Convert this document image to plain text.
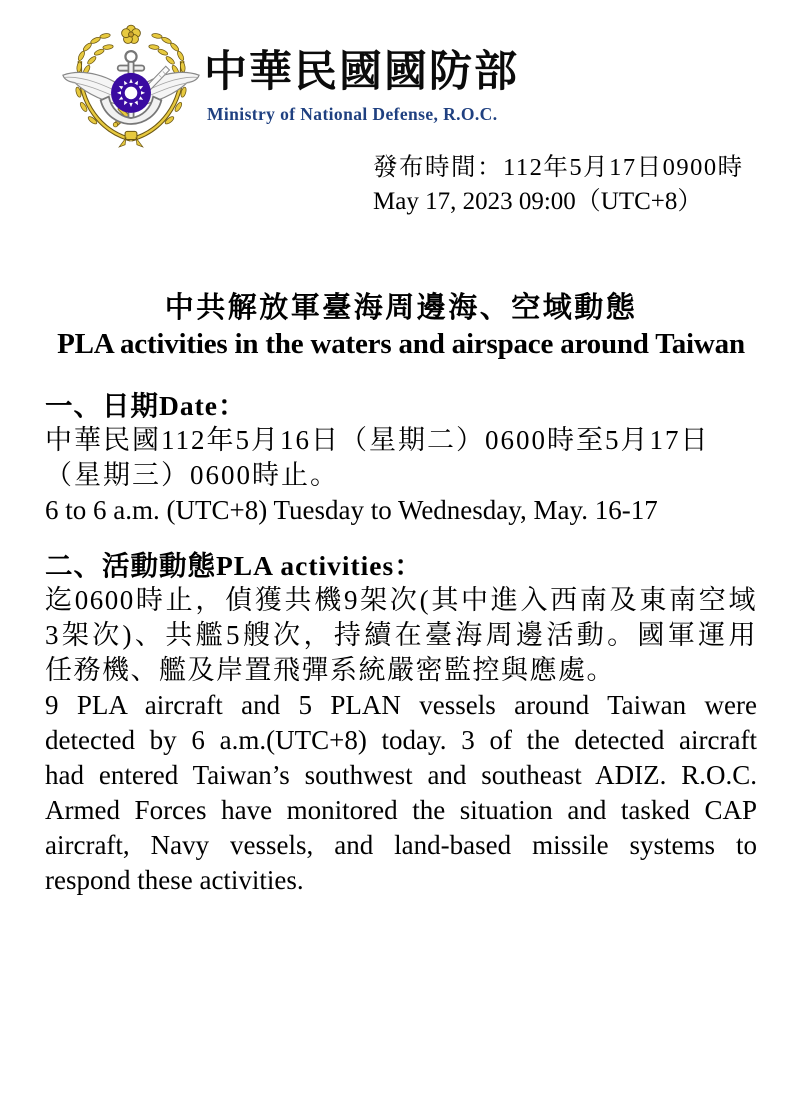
中華民國國防部
Ministry of National Defense, R.O.C.
發布時間：112年5月17日0900時
May 17, 2023 09:00（UTC+8）
中共解放軍臺海周邊海、空域動態
PLA activities in the waters and airspace around Taiwan
一、日期Date：

中華民國112年5月16日（星期二）0600時至5月17日
（星期三）0600時止。

6 to 6 a.m. (UTC+8) Tuesday to Wednesday, May. 16-17

二、活動動態PLA activities：

迄0600時止，偵獲共機9架次(其中進入西南及東南空域
3架次)、共艦5艘次，持續在臺海周邊活動。國軍運用
任務機、艦及岸置飛彈系統嚴密監控與應處。

9 PLA aircraft and 5 PLAN vessels around Taiwan were
detected by 6 a.m.(UTC+8) today. 3 of the detected aircraft
had entered Taiwan’s southwest and southeast ADIZ. R.O.C.
Armed Forces have monitored the situation and tasked CAP
aircraft, Navy vessels, and land-based missile systems to
respond these activities.
